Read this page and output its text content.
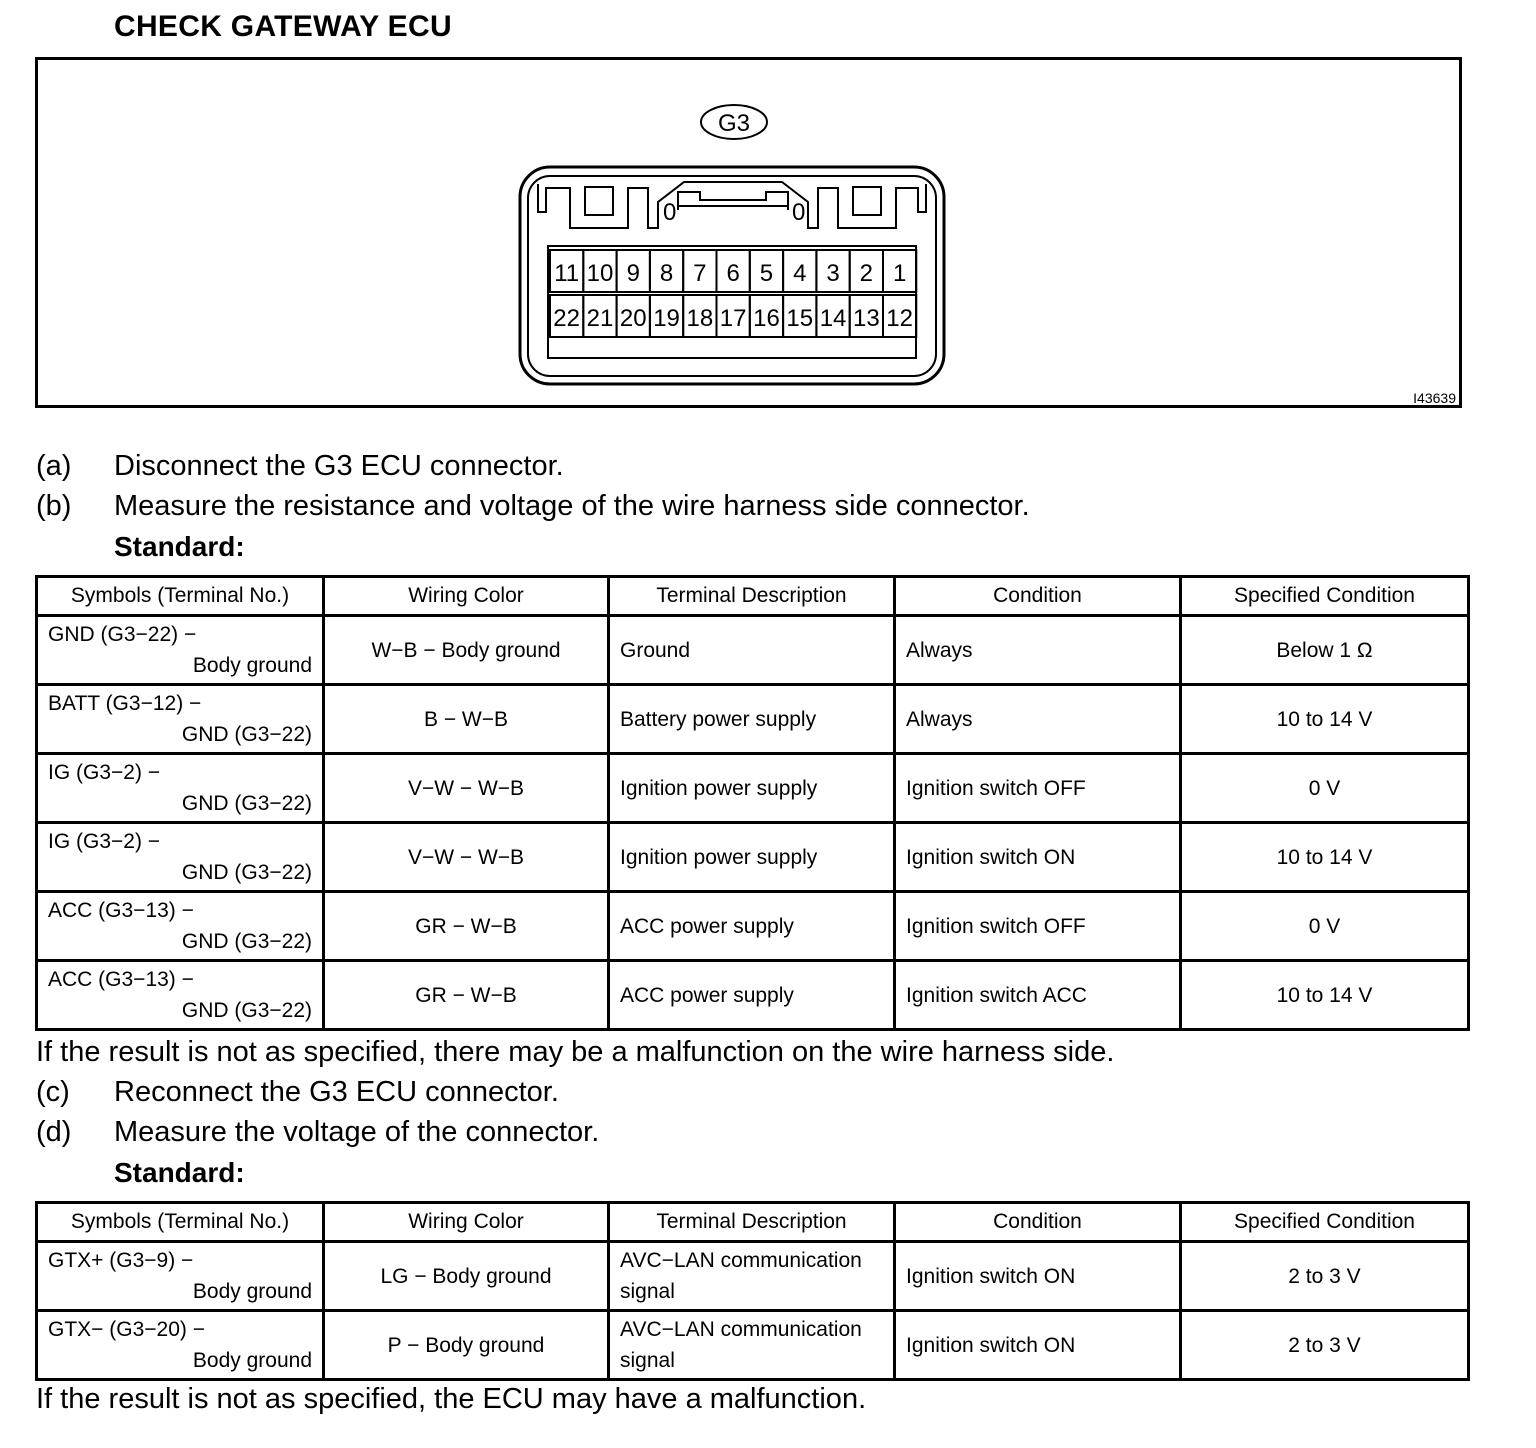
CHECK GATEWAY ECU
G3
0	0
11 10 9 8 7 6 5 4 3 2 1
22 21 20 19 18 17 16 15 14 13 12
I43639
(a) Disconnect the G3 ECU connector.
(b) Measure the resistance and voltage of the wire harness side connector.
Standard:
Symbols (Terminal No.)	Wiring Color	Terminal Description	Condition	Specified Condition

GND (G3−22) −
Body ground	W−B − Body ground	Ground	Always	Below 1 Ω

BATT (G3−12) −
GND (G3−22)	B − W−B	Battery power supply	Always	10 to 14 V

IG (G3−2) −
GND (G3−22)	V−W − W−B	Ignition power supply	Ignition switch OFF	0 V

IG (G3−2) −
GND (G3−22)	V−W − W−B	Ignition power supply	Ignition switch ON	10 to 14 V

ACC (G3−13) −
GND (G3−22)	GR − W−B	ACC power supply	Ignition switch OFF	0 V

ACC (G3−13) −
GND (G3−22)	GR − W−B	ACC power supply	Ignition switch ACC	10 to 14 V
If the result is not as specified, there may be a malfunction on the wire harness side.
(c) Reconnect the G3 ECU connector.
(d) Measure the voltage of the connector.
Standard:
Symbols (Terminal No.)	Wiring Color	Terminal Description	Condition	Specified Condition

GTX+ (G3−9) −
Body ground	LG − Body ground	AVC−LAN communication
signal	Ignition switch ON	2 to 3 V

GTX− (G3−20) −
Body ground	P − Body ground	AVC−LAN communication
signal	Ignition switch ON	2 to 3 V
If the result is not as specified, the ECU may have a malfunction.
